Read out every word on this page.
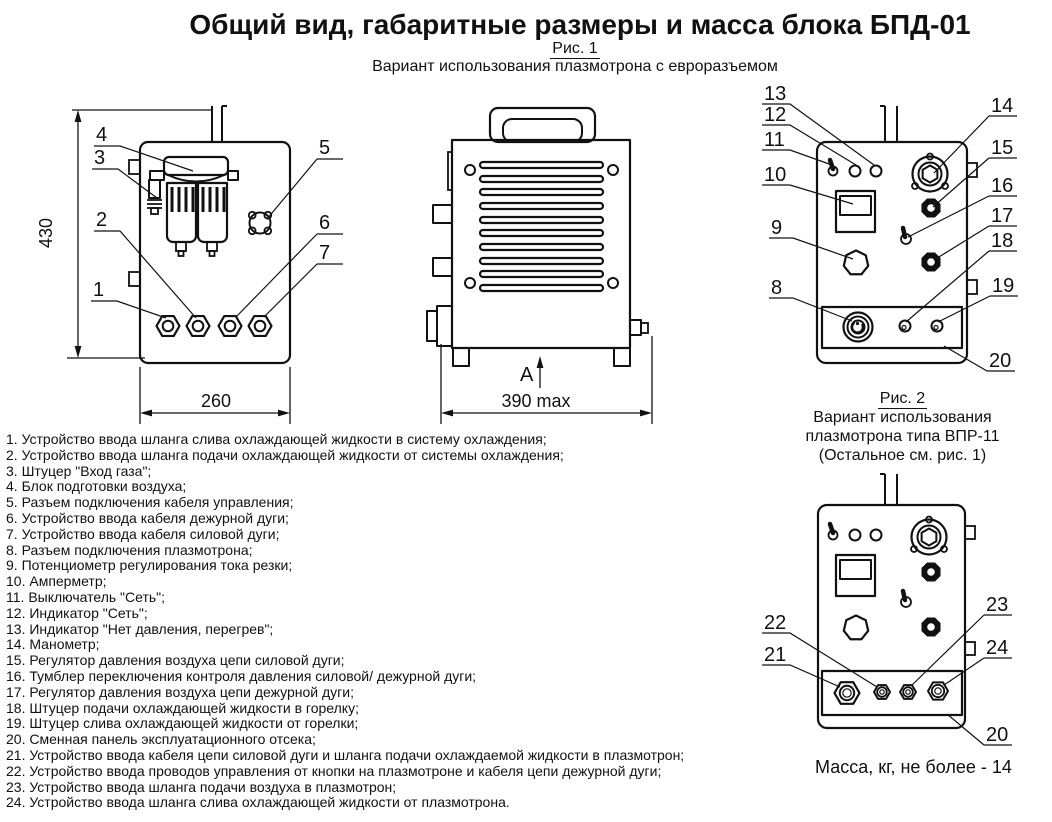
430
260
4
3
2
1
5
6
7
А
390 max
13
12
11
10
9
8
14
15
16
17
18
19
20
22
21
23
24
20
Общий вид, габаритные размеры и масса блока БПД-01
Рис. 1
Вариант использования плазмотрона с евроразъемом
Рис. 2
Вариант использования
плазмотрона типа ВПР-11
(Остальное см. рис. 1)
1. Устройство ввода шланга слива охлаждающей жидкости в систему охлаждения;
2. Устройство ввода шланга подачи охлаждающей жидкости от системы охлаждения;
3. Штуцер "Вход газа";
4. Блок подготовки воздуха;
5. Разъем подключения кабеля управления;
6. Устройство ввода кабеля дежурной дуги;
7. Устройство ввода кабеля силовой дуги;
8. Разъем подключения плазмотрона;
9. Потенциометр регулирования тока резки;
10. Амперметр;
11. Выключатель "Сеть";
12. Индикатор "Сеть";
13. Индикатор "Нет давления, перегрев";
14. Манометр;
15. Регулятор давления воздуха цепи силовой дуги;
16. Тумблер переключения контроля давления силовой/ дежурной дуги;
17. Регулятор давления воздуха цепи дежурной дуги;
18. Штуцер подачи охлаждающей жидкости в горелку;
19. Штуцер слива охлаждающей жидкости от горелки;
20. Сменная панель эксплуатационного отсека;
21. Устройство ввода кабеля цепи силовой дуги и шланга подачи охлаждаемой жидкости в плазмотрон;
22. Устройство ввода проводов управления от кнопки на плазмотроне и кабеля цепи дежурной дуги;
23. Устройство ввода шланга подачи воздуха в плазмотрон;
24. Устройство ввода шланга слива охлаждающей жидкости от плазмотрона.
Масса, кг, не более - 14
